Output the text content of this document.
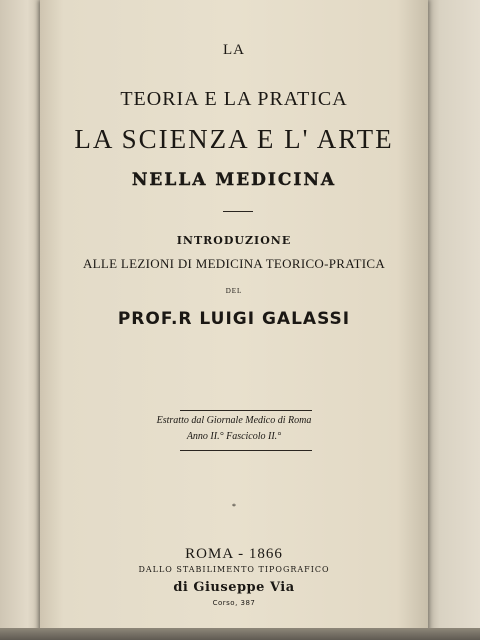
LA
TEORIA E LA PRATICA
LA SCIENZA E L' ARTE
NELLA MEDICINA
INTRODUZIONE
ALLE LEZIONI DI MEDICINA TEORICO-PRATICA
DEL
PROF.R LUIGI GALASSI
Estratto dal Giornale Medico di Roma
Anno II.° Fascicolo II.°
*
ROMA - 1866
DALLO STABILIMENTO TIPOGRAFICO
di Giuseppe Via
Corso, 387
